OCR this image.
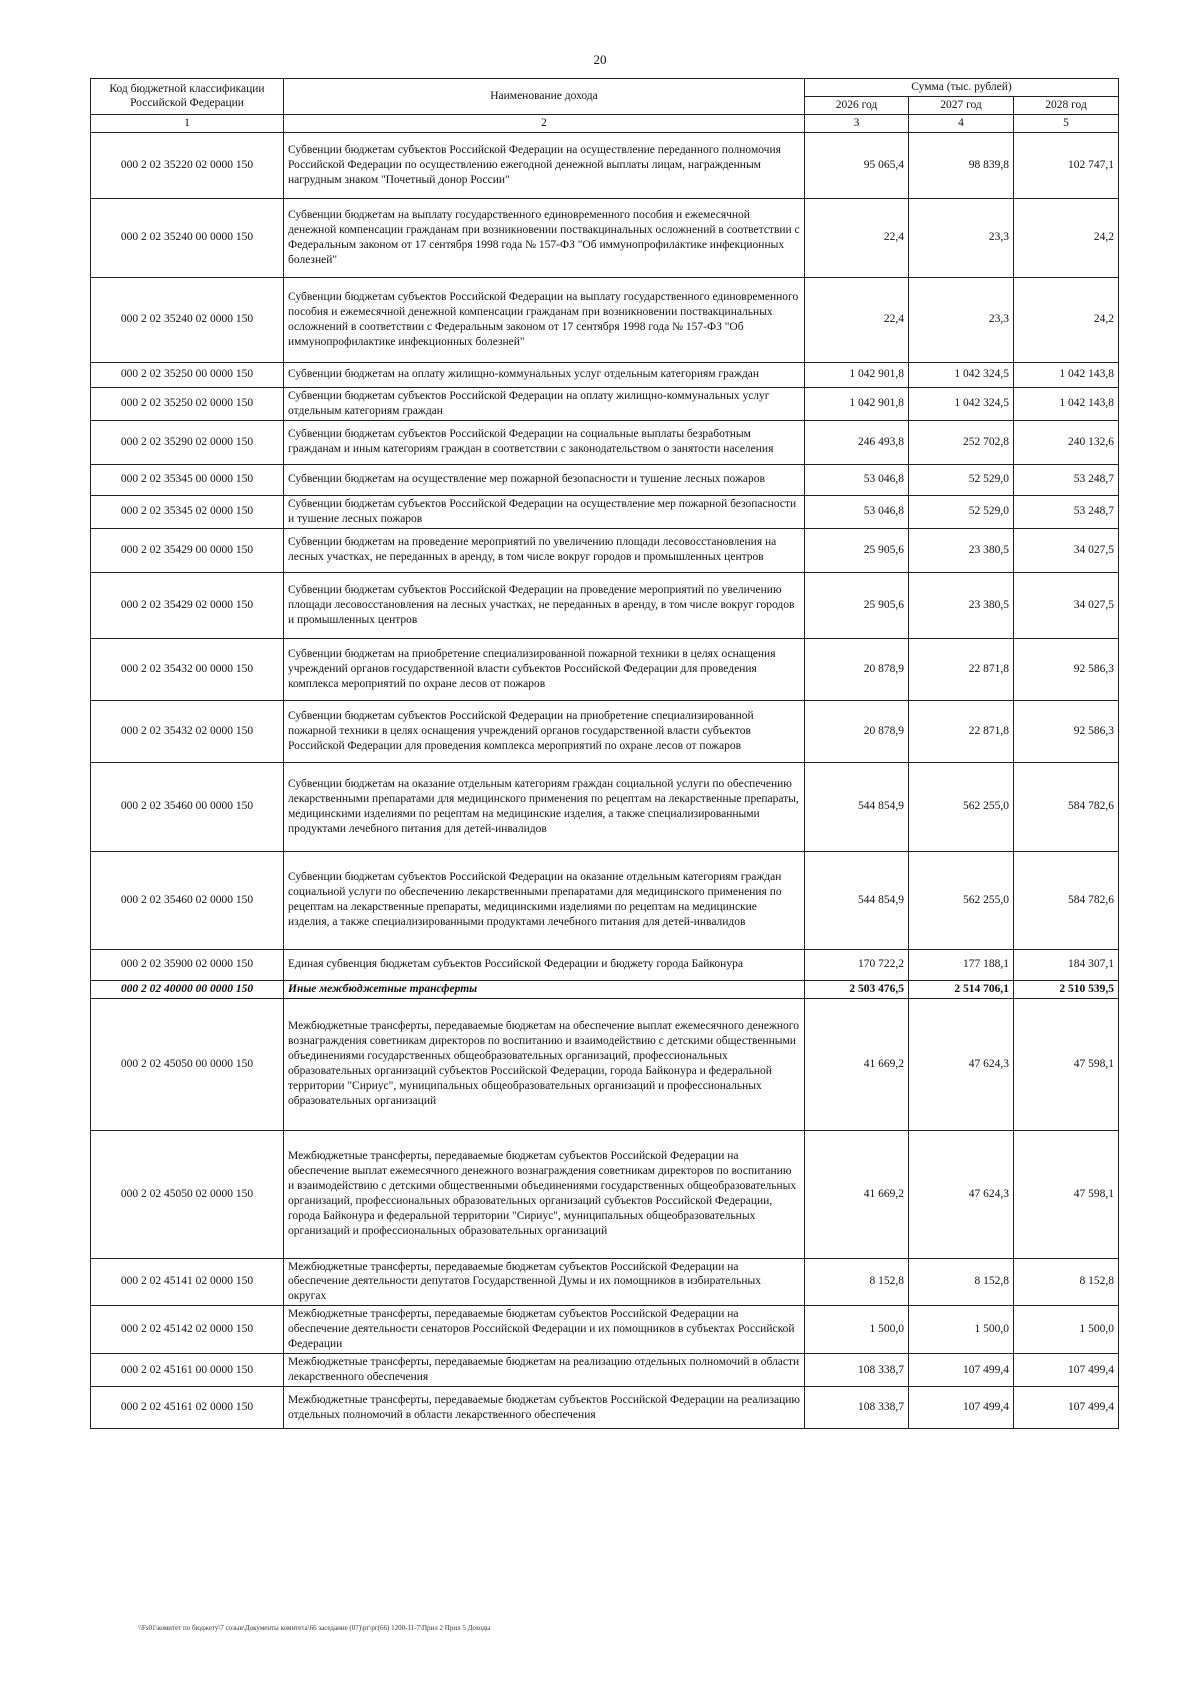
20
Код бюджетной классификации Российской Федерации	Наименование дохода	Сумма (тыс. рублей)		
		2026 год	2027 год	2028 год
1	2	3	4	5
000 2 02 35220 02 0000 150	Субвенции бюджетам субъектов Российской Федерации на осуществление переданного полномочия Российской Федерации по осуществлению ежегодной денежной выплаты лицам, награжденным нагрудным знаком "Почетный донор России"	95 065,4	98 839,8	102 747,1
000 2 02 35240 00 0000 150	Субвенции бюджетам на выплату государственного единовременного пособия и ежемесячной денежной компенсации гражданам при возникновении поствакцинальных осложнений в соответствии с Федеральным законом от 17 сентября 1998 года № 157-ФЗ "Об иммунопрофилактике инфекционных болезней"	22,4	23,3	24,2
000 2 02 35240 02 0000 150	Субвенции бюджетам субъектов Российской Федерации на выплату государственного единовременного пособия и ежемесячной денежной компенсации гражданам при возникновении поствакцинальных осложнений в соответствии с Федеральным законом от 17 сентября 1998 года № 157-ФЗ "Об иммунопрофилактике инфекционных болезней"	22,4	23,3	24,2
000 2 02 35250 00 0000 150	Субвенции бюджетам на оплату жилищно-коммунальных услуг отдельным категориям граждан	1 042 901,8	1 042 324,5	1 042 143,8
000 2 02 35250 02 0000 150	Субвенции бюджетам субъектов Российской Федерации на оплату жилищно-коммунальных услуг отдельным категориям граждан	1 042 901,8	1 042 324,5	1 042 143,8
000 2 02 35290 02 0000 150	Субвенции бюджетам субъектов Российской Федерации на социальные выплаты безработным гражданам и иным категориям граждан в соответствии с законодательством о занятости населения	246 493,8	252 702,8	240 132,6
000 2 02 35345 00 0000 150	Субвенции бюджетам на осуществление мер пожарной безопасности и тушение лесных пожаров	53 046,8	52 529,0	53 248,7
000 2 02 35345 02 0000 150	Субвенции бюджетам субъектов Российской Федерации на осуществление мер пожарной безопасности и тушение лесных пожаров	53 046,8	52 529,0	53 248,7
000 2 02 35429 00 0000 150	Субвенции бюджетам на проведение мероприятий по увеличению площади лесовосстановления на лесных участках, не переданных в аренду, в том числе вокруг городов и промышленных центров	25 905,6	23 380,5	34 027,5
000 2 02 35429 02 0000 150	Субвенции бюджетам субъектов Российской Федерации на проведение мероприятий по увеличению площади лесовосстановления на лесных участках, не переданных в аренду, в том числе вокруг городов и промышленных центров	25 905,6	23 380,5	34 027,5
000 2 02 35432 00 0000 150	Субвенции бюджетам на приобретение специализированной пожарной техники в целях оснащения учреждений органов государственной власти субъектов Российской Федерации для проведения комплекса мероприятий по охране лесов от пожаров	20 878,9	22 871,8	92 586,3
000 2 02 35432 02 0000 150	Субвенции бюджетам субъектов Российской Федерации на приобретение специализированной пожарной техники в целях оснащения учреждений органов государственной власти субъектов Российской Федерации для проведения комплекса мероприятий по охране лесов от пожаров	20 878,9	22 871,8	92 586,3
000 2 02 35460 00 0000 150	Субвенции бюджетам на оказание отдельным категориям граждан социальной услуги по обеспечению лекарственными препаратами для медицинского применения по рецептам на лекарственные препараты, медицинскими изделиями по рецептам на медицинские изделия, а также специализированными продуктами лечебного питания для детей-инвалидов	544 854,9	562 255,0	584 782,6
000 2 02 35460 02 0000 150	Субвенции бюджетам субъектов Российской Федерации на оказание отдельным категориям граждан социальной услуги по обеспечению лекарственными препаратами для медицинского применения по рецептам на лекарственные препараты, медицинскими изделиями по рецептам на медицинские изделия, а также специализированными продуктами лечебного питания для детей-инвалидов	544 854,9	562 255,0	584 782,6
000 2 02 35900 02 0000 150	Единая субвенция бюджетам субъектов Российской Федерации и бюджету города Байконура	170 722,2	177 188,1	184 307,1
000 2 02 40000 00 0000 150	Иные межбюджетные трансферты	2 503 476,5	2 514 706,1	2 510 539,5
000 2 02 45050 00 0000 150	Межбюджетные трансферты, передаваемые бюджетам на обеспечение выплат ежемесячного денежного вознаграждения советникам директоров по воспитанию и взаимодействию с детскими общественными объединениями государственных общеобразовательных организаций, профессиональных образовательных организаций субъектов Российской Федерации, города Байконура и федеральной территории "Сириус", муниципальных общеобразовательных организаций и профессиональных образовательных организаций	41 669,2	47 624,3	47 598,1
000 2 02 45050 02 0000 150	Межбюджетные трансферты, передаваемые бюджетам субъектов Российской Федерации на обеспечение выплат ежемесячного денежного вознаграждения советникам директоров по воспитанию и взаимодействию с детскими общественными объединениями государственных общеобразовательных организаций, профессиональных образовательных организаций субъектов Российской Федерации, города Байконура и федеральной территории "Сириус", муниципальных общеобразовательных организаций и профессиональных образовательных организаций	41 669,2	47 624,3	47 598,1
000 2 02 45141 02 0000 150	Межбюджетные трансферты, передаваемые бюджетам субъектов Российской Федерации на обеспечение деятельности депутатов Государственной Думы и их помощников в избирательных округах	8 152,8	8 152,8	8 152,8
000 2 02 45142 02 0000 150	Межбюджетные трансферты, передаваемые бюджетам субъектов Российской Федерации на обеспечение деятельности сенаторов Российской Федерации и их помощников в субъектах Российской Федерации	1 500,0	1 500,0	1 500,0
000 2 02 45161 00 0000 150	Межбюджетные трансферты, передаваемые бюджетам на реализацию отдельных полномочий в области лекарственного обеспечения	108 338,7	107 499,4	107 499,4
000 2 02 45161 02 0000 150	Межбюджетные трансферты, передаваемые бюджетам субъектов Российской Федерации на реализацию отдельных полномочий в области лекарственного обеспечения	108 338,7	107 499,4	107 499,4
\\Fs01\комитет по бюджету\7 созыв\Документы комитета\66 заседание (07)\рг\рг(66) 1200-11-7\Прил 2 Прил 5 Доходы
